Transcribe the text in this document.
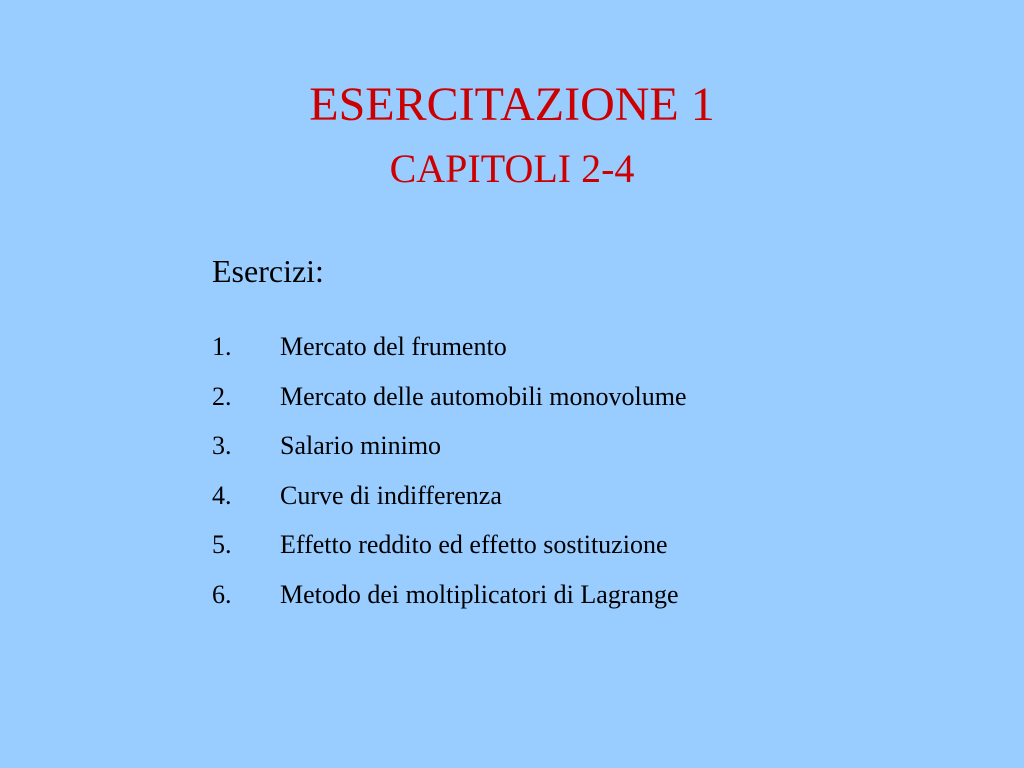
ESERCITAZIONE 1
CAPITOLI 2-4
Esercizi:
1. Mercato del frumento
2. Mercato delle automobili monovolume
3. Salario minimo
4. Curve di indifferenza
5. Effetto reddito ed effetto sostituzione
6. Metodo dei moltiplicatori di Lagrange
